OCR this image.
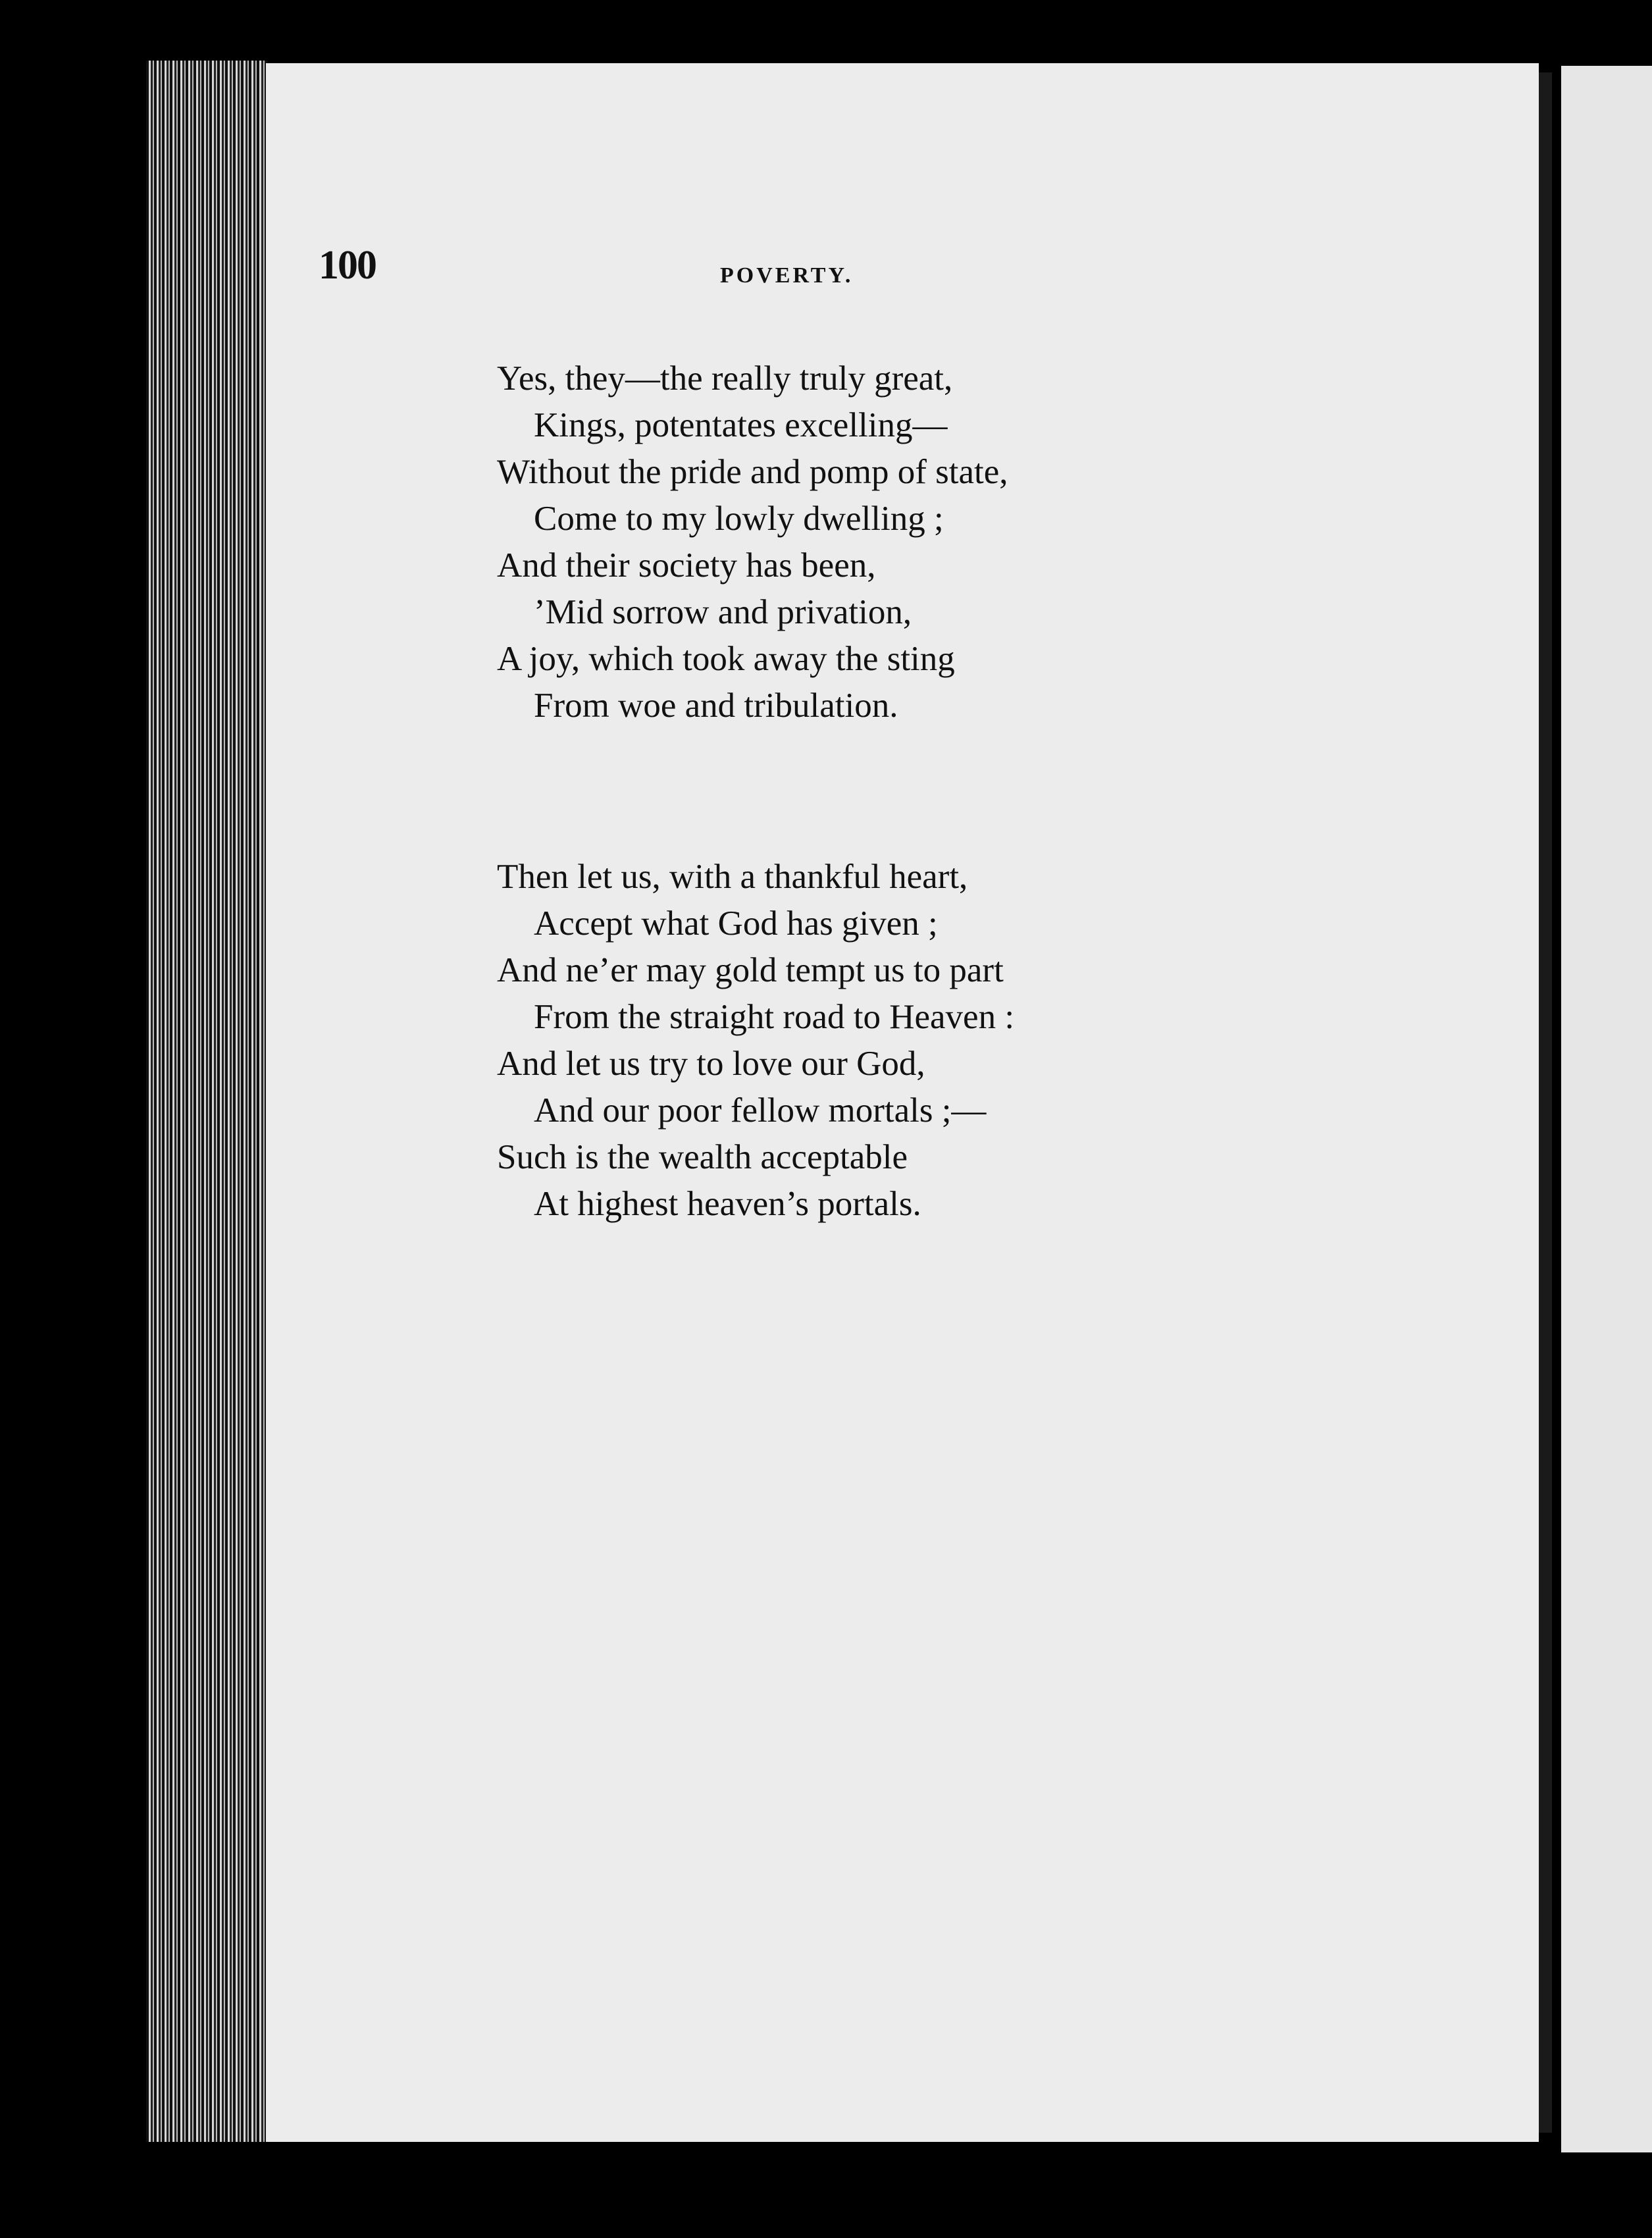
100	POVERTY.
Yes, they—the really truly great,
Kings, potentates excelling—
Without the pride and pomp of state,
Come to my lowly dwelling ;
And their society has been,
’Mid sorrow and privation,
A joy, which took away the sting
From woe and tribulation.
Then let us, with a thankful heart,
Accept what God has given ;
And ne’er may gold tempt us to part
From the straight road to Heaven :
And let us try to love our God,
And our poor fellow mortals ;—
Such is the wealth acceptable
At highest heaven’s portals.
